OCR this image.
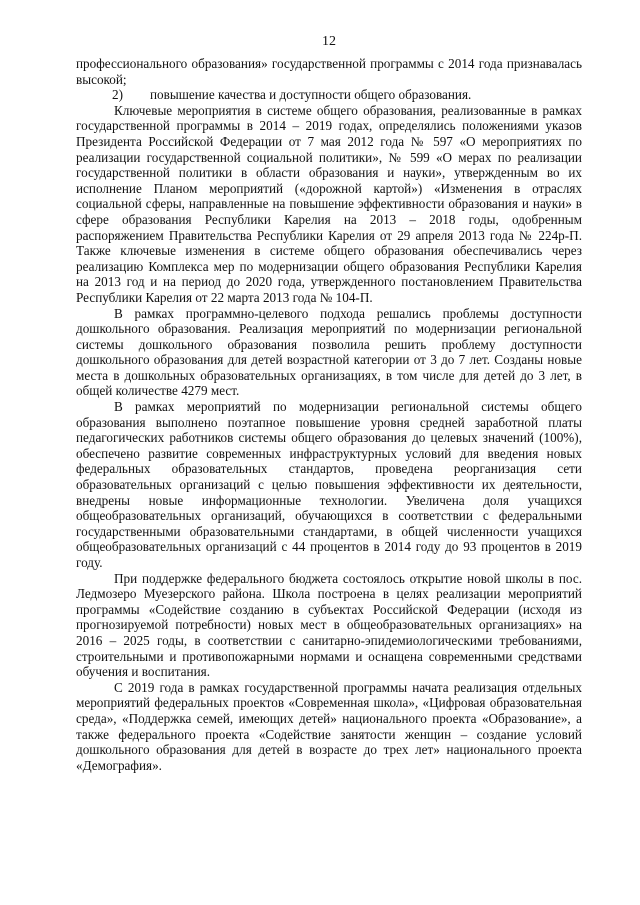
12

профессионального образования» государственной программы с 2014 года признавалась высокой;

2)	повышение качества и доступности общего образования.

Ключевые мероприятия в системе общего образования, реализованные в рамках государственной программы в 2014 – 2019 годах, определялись положениями указов Президента Российской Федерации от 7 мая 2012 года № 597 «О мероприятиях по реализации государственной социальной политики», № 599 «О мерах по реализации государственной политики в области образования и науки», утвержденным во их исполнение Планом мероприятий («дорожной картой») «Изменения в отраслях социальной сферы, направленные на повышение эффективности образования и науки» в сфере образования Республики Карелия на 2013 – 2018 годы, одобренным распоряжением Правительства Республики Карелия от 29 апреля 2013 года № 224р-П. Также ключевые изменения в системе общего образования обеспечивались через реализацию Комплекса мер по модернизации общего образования Республики Карелия на 2013 год и на период до 2020 года, утвержденного постановлением Правительства Республики Карелия от 22 марта 2013 года № 104-П.

В рамках программно-целевого подхода решались проблемы доступности дошкольного образования. Реализация мероприятий по модернизации региональной системы дошкольного образования позволила решить проблему доступности дошкольного образования для детей возрастной категории от 3 до 7 лет. Созданы новые места в дошкольных образовательных организациях, в том числе для детей до 3 лет, в общей количестве 4279 мест.

В рамках мероприятий по модернизации региональной системы общего образования выполнено поэтапное повышение уровня средней заработной платы педагогических работников системы общего образования до целевых значений (100%), обеспечено развитие современных инфраструктурных условий для введения новых федеральных образовательных стандартов, проведена реорганизация сети образовательных организаций с целью повышения эффективности их деятельности, внедрены новые информационные технологии. Увеличена доля учащихся общеобразовательных организаций, обучающихся в соответствии с федеральными государственными образовательными стандартами, в общей численности учащихся общеобразовательных организаций с 44 процентов в 2014 году до 93 процентов в 2019 году.

При поддержке федерального бюджета состоялось открытие новой школы в пос. Ледмозеро Муезерского района. Школа построена в целях реализации мероприятий программы «Содействие созданию в субъектах Российской Федерации (исходя из прогнозируемой потребности) новых мест в общеобразовательных организациях» на 2016 – 2025 годы, в соответствии с санитарно-эпидемиологическими требованиями, строительными и противопожарными нормами и оснащена современными средствами обучения и воспитания.

С 2019 года в рамках государственной программы начата реализация отдельных мероприятий федеральных проектов «Современная школа», «Цифровая образовательная среда», «Поддержка семей, имеющих детей» национального проекта «Образование», а также федерального проекта «Содействие занятости женщин – создание условий дошкольного образования для детей в возрасте до трех лет» национального проекта «Демография».
